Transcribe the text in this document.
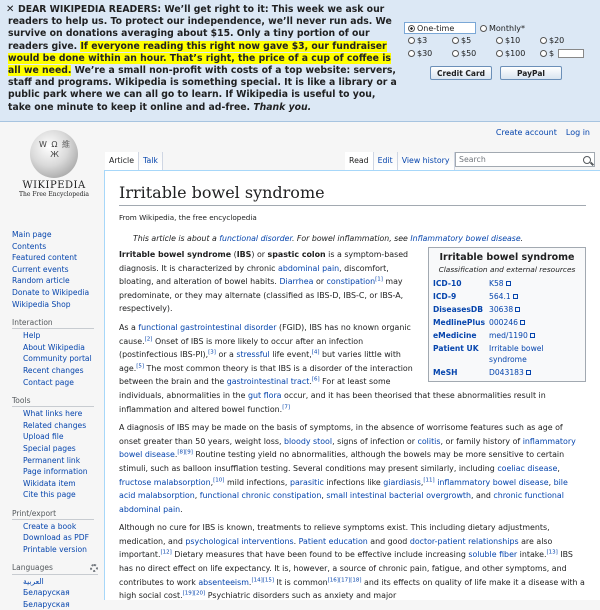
✕ DEAR WIKIPEDIA READERS: We’ll get right to it: This week we ask our readers to help us. To protect our independence, we’ll never run ads. We survive on donations averaging about $15. Only a tiny portion of our readers give. If everyone reading this right now gave $3, our fundraiser would be done within an hour. That’s right, the price of a cup of coffee is all we need. We’re a small non-profit with costs of a top website: servers, staff and programs. Wikipedia is something special. It is like a library or a public park where we can all go to learn. If Wikipedia is useful to you, take one minute to keep it online and ad-free. Thank you.
One-time	Monthly*
$3	$5	$10	$20
$30	$50	$100	$
Credit Card	PayPal
Create account Log in
Article	Talk	Read	Edit	View history	Search
W Ω 維 Ж
WIKIPEDIA
The Free Encyclopedia
Main page
Contents
Featured content
Current events
Random article
Donate to Wikipedia
Wikipedia Shop
Interaction
Help
About Wikipedia
Community portal
Recent changes
Contact page
Tools
What links here
Related changes
Upload file
Special pages
Permanent link
Page information
Wikidata item
Cite this page
Print/export
Create a book
Download as PDF
Printable version
Languages
العربية
Беларуская
Беларуская
Irritable bowel syndrome
From Wikipedia, the free encyclopedia
This article is about a functional disorder. For bowel inflammation, see Inflammatory bowel disease.
Irritable bowel syndrome
Classification and external resources
ICD-10	K58
ICD-9	564.1
DiseasesDB	30638
MedlinePlus	000246
eMedicine	med/1190
Patient UK	Irritable bowel syndrome
MeSH	D043183

Irritable bowel syndrome (IBS) or spastic colon is a symptom-based diagnosis. It is characterized by chronic abdominal pain, discomfort, bloating, and alteration of bowel habits. Diarrhea or constipation[1] may predominate, or they may alternate (classified as IBS-D, IBS-C, or IBS-A, respectively).

As a functional gastrointestinal disorder (FGID), IBS has no known organic cause.[2] Onset of IBS is more likely to occur after an infection (postinfectious IBS-PI),[3] or a stressful life event,[4] but varies little with age.[5] The most common theory is that IBS is a disorder of the interaction between the brain and the gastrointestinal tract.[6] For at least some individuals, abnormalities in the gut flora occur, and it has been theorised that these abnormalities result in inflammation and altered bowel function.[7]

A diagnosis of IBS may be made on the basis of symptoms, in the absence of worrisome features such as age of onset greater than 50 years, weight loss, bloody stool, signs of infection or colitis, or family history of inflammatory bowel disease.[8][9] Routine testing yield no abnormalities, although the bowels may be more sensitive to certain stimuli, such as balloon insufflation testing. Several conditions may present similarly, including coeliac disease, fructose malabsorption,[10] mild infections, parasitic infections like giardiasis,[11] inflammatory bowel disease, bile acid malabsorption, functional chronic constipation, small intestinal bacterial overgrowth, and chronic functional abdominal pain.

Although no cure for IBS is known, treatments to relieve symptoms exist. This including dietary adjustments, medication, and psychological interventions. Patient education and good doctor-patient relationships are also important.[12] Dietary measures that have been found to be effective include increasing soluble fiber intake.[13] IBS has no direct effect on life expectancy. It is, however, a source of chronic pain, fatigue, and other symptoms, and contributes to work absenteeism.[14][15] It is common[16][17][18] and its effects on quality of life make it a disease with a high social cost.[19][20] Psychiatric disorders such as anxiety and major
